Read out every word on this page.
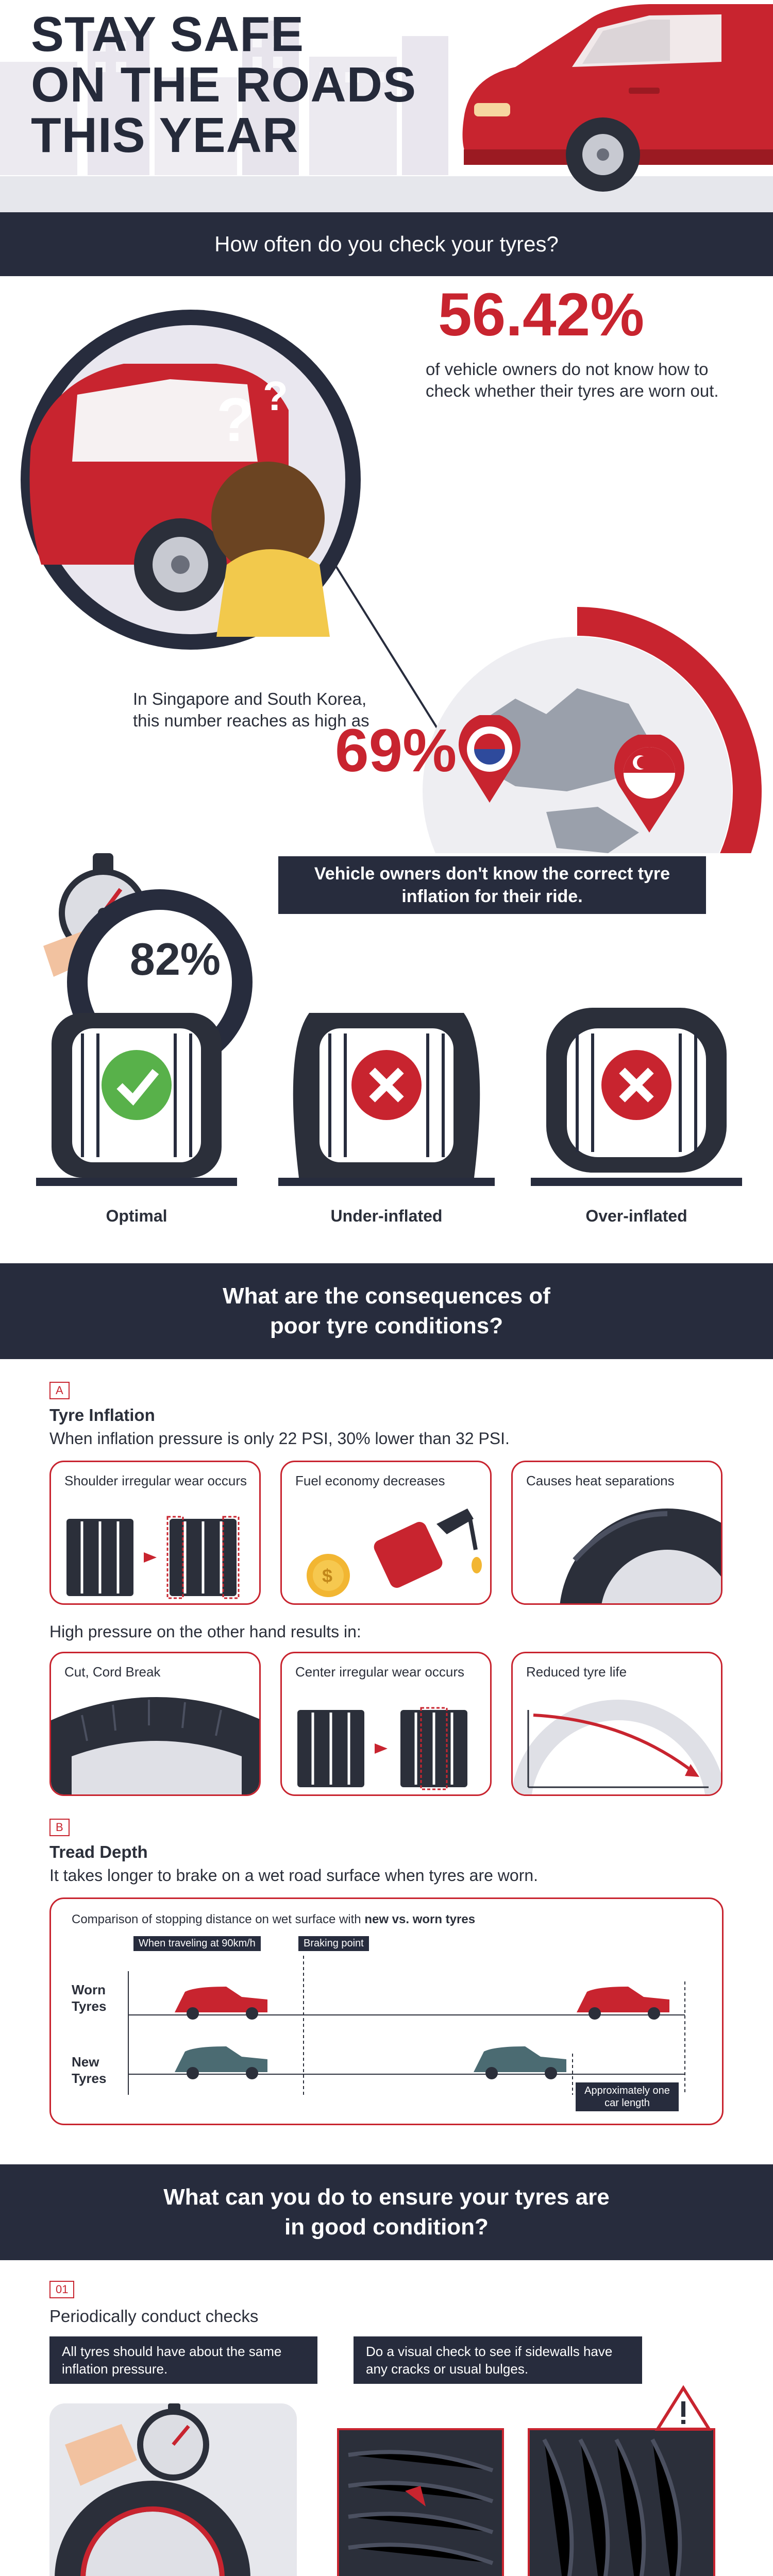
STAY SAFE
ON THE ROADS
THIS YEAR
How often do you check your tyres?
? ?
56.42%
of vehicle owners do not know how to check whether their tyres are worn out.
In Singapore and South Korea, this number reaches as high as
69%
82%
Vehicle owners don't know the correct tyre inflation for their ride.
Optimal	Under-inflated	Over-inflated
What are the consequences of
poor tyre conditions?
A
Tyre Inflation
When inflation pressure is only 22 PSI, 30% lower than 32 PSI.
Shoulder irregular wear occurs
$
Fuel economy decreases	Causes heat separations
High pressure on the other hand results in:
Cut, Cord Break	Center irregular wear occurs	Reduced tyre life
B
Tread Depth
It takes longer to brake on a wet road surface when tyres are worn.
Comparison of stopping distance on wet surface with new vs. worn tyres
When traveling at 90km/h	Braking point
Worn Tyres
New Tyres
Approximately one car length
What can you do to ensure your tyres are
in good condition?
01
Periodically conduct checks
All tyres should have about the same inflation pressure.
Do a visual check to see if sidewalls have any cracks or usual bulges.
